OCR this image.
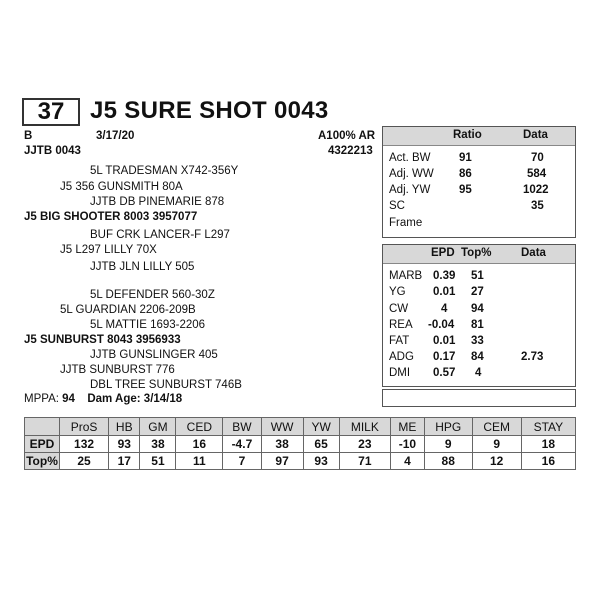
37	J5 SURE SHOT 0043
B	3/17/20	A100% AR
JJTB 0043	4322213
5L TRADESMAN X742-356Y
J5 356 GUNSMITH 80A
JJTB DB PINEMARIE 878
J5 BIG SHOOTER 8003 3957077
BUF CRK LANCER-F L297
J5 L297 LILLY 70X
JJTB JLN LILLY 505
5L DEFENDER 560-30Z
5L GUARDIAN 2206-209B
5L MATTIE 1693-2206
J5 SUNBURST 8043 3956933
JJTB GUNSLINGER 405
JJTB SUNBURST 776
DBL TREE SUNBURST 746B
MPPA: 94 Dam Age: 3/14/18
Ratio	Data
Act. BW 91	70
Adj. WW 86	584
Adj. YW 95	1022
SC	35
Frame
EPD Top%	Data
MARB 0.39 51
YG 0.01 27
CW	4 94
REA -0.04 81
FAT 0.01 33
ADG 0.17 84	2.73
DMI 0.57 4
	ProS	HB	GM	CED	BW	WW	YW	MILK	ME	HPG	CEM	STAY
EPD	132	93	38	16	-4.7	38	65	23	-10	9	9	18
Top%	25	17	51	11	7	97	93	71	4	88	12	16
